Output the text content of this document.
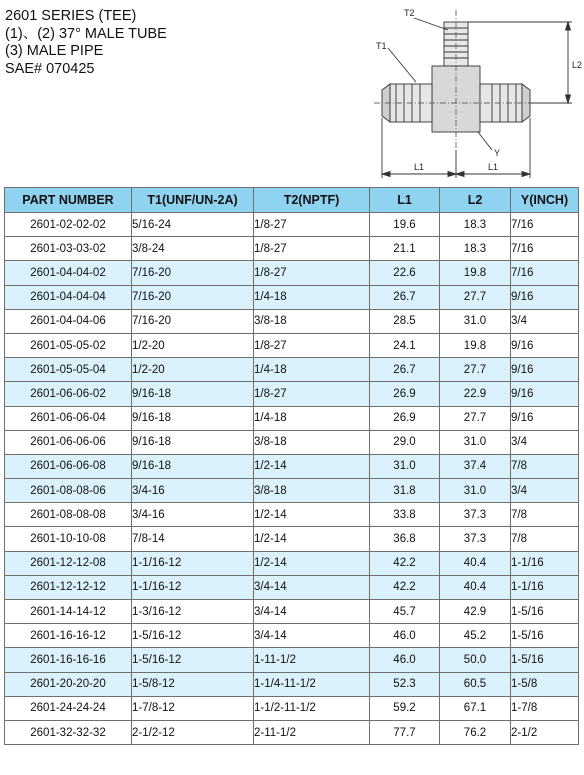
2601 SERIES (TEE)
(1)、(2) 37° MALE TUBE
(3) MALE PIPE
SAE# 070425
T2
T1
L2
Y
L1	L1
PART NUMBER	T1(UNF/UN-2A)	T2(NPTF)	L1	L2	Y(INCH)
2601-02-02-02	5/16-24	1/8-27	19.6	18.3	7/16
2601-03-03-02	3/8-24	1/8-27	21.1	18.3	7/16
2601-04-04-02	7/16-20	1/8-27	22.6	19.8	7/16
2601-04-04-04	7/16-20	1/4-18	26.7	27.7	9/16
2601-04-04-06	7/16-20	3/8-18	28.5	31.0	3/4
2601-05-05-02	1/2-20	1/8-27	24.1	19.8	9/16
2601-05-05-04	1/2-20	1/4-18	26.7	27.7	9/16
2601-06-06-02	9/16-18	1/8-27	26.9	22.9	9/16
2601-06-06-04	9/16-18	1/4-18	26.9	27.7	9/16
2601-06-06-06	9/16-18	3/8-18	29.0	31.0	3/4
2601-06-06-08	9/16-18	1/2-14	31.0	37.4	7/8
2601-08-08-06	3/4-16	3/8-18	31.8	31.0	3/4
2601-08-08-08	3/4-16	1/2-14	33.8	37.3	7/8
2601-10-10-08	7/8-14	1/2-14	36.8	37.3	7/8
2601-12-12-08	1-1/16-12	1/2-14	42.2	40.4	1-1/16
2601-12-12-12	1-1/16-12	3/4-14	42.2	40.4	1-1/16
2601-14-14-12	1-3/16-12	3/4-14	45.7	42.9	1-5/16
2601-16-16-12	1-5/16-12	3/4-14	46.0	45.2	1-5/16
2601-16-16-16	1-5/16-12	1-11-1/2	46.0	50.0	1-5/16
2601-20-20-20	1-5/8-12	1-1/4-11-1/2	52.3	60.5	1-5/8
2601-24-24-24	1-7/8-12	1-1/2-11-1/2	59.2	67.1	1-7/8
2601-32-32-32	2-1/2-12	2-11-1/2	77.7	76.2	2-1/2
